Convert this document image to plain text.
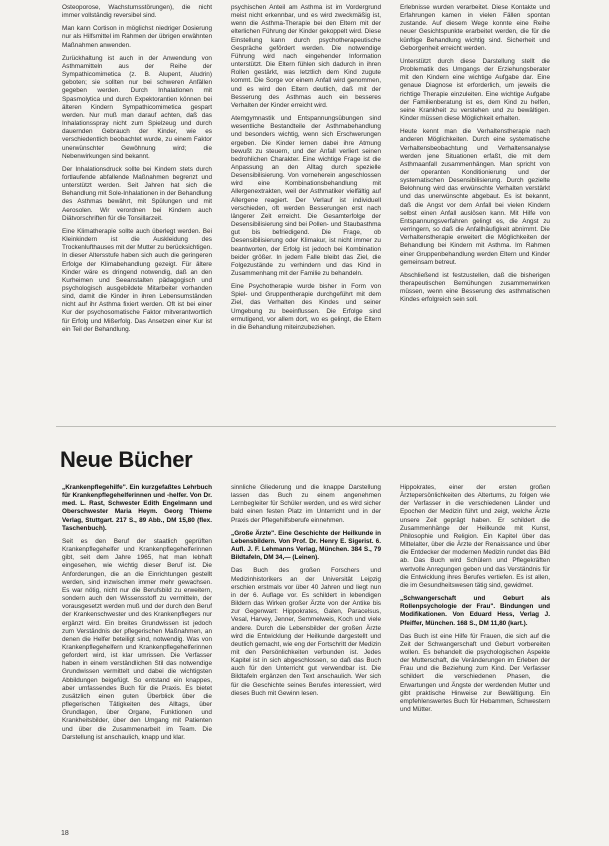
Osteoporose, Wachstumsstörungen), die nicht immer vollständig reversibel sind.

Man kann Cortison in möglichst niedriger Dosierung nur als Hilfsmittel im Rahmen der übrigen erwähnten Maßnahmen anwenden.

Zurückhaltung ist auch in der Anwendung von Asthmamitteln aus der Reihe der Sympathicomimetica (z. B. Alupent, Aludrin) geboten; sie sollten nur bei schweren Anfällen gegeben werden. Durch Inhalationen mit Spasmolytica und durch Expektorantien können bei älteren Kindern Sympathicomimetica gespart werden. Nur muß man darauf achten, daß das Inhalationsspray nicht zum Spielzeug und durch dauernden Gebrauch der Kinder, wie es verschiedentlich beobachtet wurde, zu einem Faktor unerwünschter Gewöhnung wird; die Nebenwirkungen sind bekannt.

Der Inhalationsdruck sollte bei Kindern stets durch fortlaufende abfallende Maßnahmen begrenzt und unterstützt werden. Seit Jahren hat sich die Behandlung mit Sole-Inhalationen in der Behandlung des Asthmas bewährt, mit Spülungen und mit Aerosolen. Wir verordnen bei Kindern auch Diätvorschriften für die Tonsillarzeit.

Eine Klimatherapie sollte auch überlegt werden. Bei Kleinkindern ist die Auskleidung des Trockenlufthauses mit der Mutter zu berücksichtigen. In dieser Altersstufe haben sich auch die geringeren Erfolge der Klimabehandlung gezeigt. Für ältere Kinder wäre es dringend notwendig, daß an den Kurheimen und Seeanstalten pädagogisch und psychologisch ausgebildete Mitarbeiter vorhanden sind, damit die Kinder in ihren Lebensumständen nicht auf ihr Asthma fixiert werden. Oft ist bei einer Kur der psychosomatische Faktor mitverantwortlich für Erfolg und Mißerfolg. Das Ansetzen einer Kur ist ein Teil der Behandlung.

psychischen Anteil am Asthma ist im Vordergrund meist nicht erkennbar, und es wird zweckmäßig ist, wenn die Asthma-Therapie bei den Eltern mit der elterlichen Führung der Kinder gekoppelt wird. Diese Einstellung kann durch psychotherapeutische Gespräche gefördert werden. Die notwendige Führung wird nach eingehender Information unterstützt. Die Eltern fühlen sich dadurch in ihren Rollen gestärkt, was letztlich dem Kind zugute kommt. Die Sorge vor einem Anfall wird genommen, und es wird den Eltern deutlich, daß mit der Besserung des Asthmas auch ein besseres Verhalten der Kinder erreicht wird.

Atemgymnastik und Entspannungsübungen sind wesentliche Bestandteile der Asthmabehandlung und besonders wichtig, wenn sich Erschwerungen ergeben. Die Kinder lernen dabei ihre Atmung bewußt zu steuern, und der Anfall verliert seinen bedrohlichen Charakter. Eine wichtige Frage ist die Anpassung an den Alltag durch spezielle Desensibilisierung. Von vorneherein angeschlossen wird eine Kombinationsbehandlung mit Allergenextrakten, weil der Asthmatiker vielfältig auf Allergene reagiert. Der Verlauf ist individuell verschieden, oft werden Besserungen erst nach längerer Zeit erreicht. Die Gesamterfolge der Desensibilisierung sind bei Pollen- und Staubasthma gut bis befriedigend. Die Frage, ob Desensibilisierung oder Klimakur, ist nicht immer zu beantworten, der Erfolg ist jedoch bei Kombination beider größer. In jedem Falle bleibt das Ziel, die Folgezustände zu verhindern und das Kind in Zusammenhang mit der Familie zu behandeln.

Eine Psychotherapie wurde bisher in Form von Spiel- und Gruppentherapie durchgeführt mit dem Ziel, das Verhalten des Kindes und seiner Umgebung zu beeinflussen. Die Erfolge sind ermutigend, vor allem dort, wo es gelingt, die Eltern in die Behandlung miteinzubeziehen.

Erlebnisse wurden verarbeitet. Diese Kontakte und Erfahrungen kamen in vielen Fällen spontan zustande. Auf diesem Wege konnte eine Reihe neuer Gesichtspunkte erarbeitet werden, die für die künftige Behandlung wichtig sind. Sicherheit und Geborgenheit erreicht werden.

Unterstützt durch diese Darstellung stellt die Problematik des Umgangs der Erziehungsberater mit den Kindern eine wichtige Aufgabe dar. Eine genaue Diagnose ist erforderlich, um jeweils die richtige Therapie einzuleiten. Eine wichtige Aufgabe der Familienberatung ist es, dem Kind zu helfen, seine Krankheit zu verstehen und zu bewältigen. Kinder müssen diese Möglichkeit erhalten.

Heute kennt man die Verhaltenstherapie nach anderen Möglichkeiten. Durch eine systematische Verhaltensbeobachtung und Verhaltensanalyse werden jene Situationen erfaßt, die mit dem Asthmaanfall zusammenhängen. Man spricht von der operanten Konditionierung und der systematischen Desensibilisierung. Durch gezielte Belohnung wird das erwünschte Verhalten verstärkt und das unerwünschte abgebaut. Es ist bekannt, daß die Angst vor dem Anfall bei vielen Kindern selbst einen Anfall auslösen kann. Mit Hilfe von Entspannungsverfahren gelingt es, die Angst zu verringern, so daß die Anfallhäufigkeit abnimmt. Die Verhaltenstherapie erweitert die Möglichkeiten der Behandlung bei Kindern mit Asthma. Im Rahmen einer Gruppenbehandlung werden Eltern und Kinder gemeinsam betreut.

Abschließend ist festzustellen, daß die bisherigen therapeutischen Bemühungen zusammenwirken müssen, wenn eine Besserung des asthmatischen Kindes erfolgreich sein soll.

Neue Bücher

„Krankenpflegehilfe". Ein kurzgefaßtes Lehrbuch für Krankenpflegehelferinnen und -helfer. Von Dr. med. L. Rast, Schwester Edith Engelmann und Oberschwester Maria Heym. Georg Thieme Verlag, Stuttgart. 217 S., 89 Abb., DM 15,80 (flex. Taschenbuch).

Seit es den Beruf der staatlich geprüften Krankenpflegehelfer und Krankenpflegehelferinnen gibt, seit dem Jahre 1965, hat man lebhaft eingesehen, wie wichtig dieser Beruf ist. Die Anforderungen, die an die Einrichtungen gestellt werden, sind inzwischen immer mehr gewachsen. Es war nötig, nicht nur die Berufsbild zu erweitern, sondern auch den Wissensstoff zu vermitteln, der vorausgesetzt werden muß und der durch den Beruf der Krankenschwester und des Krankenpflegers nur ergänzt wird. Ein breites Grundwissen ist jedoch zum Verständnis der pflegerischen Maßnahmen, an denen die Helfer beteiligt sind, notwendig. Was von Krankenpflegehelfern und Krankenpflegehelferinnen gefordert wird, ist klar umrissen. Die Verfasser haben in einem verständlichen Stil das notwendige Grundwissen vermittelt und dabei die wichtigsten Abbildungen beigefügt. So entstand ein knappes, aber umfassendes Buch für die Praxis. Es bietet zusätzlich einen guten Überblick über die pflegerischen Tätigkeiten des Alltags, über Grundlagen, über Organe, Funktionen und Krankheitsbilder, über den Umgang mit Patienten und über die Zusammenarbeit im Team. Die Darstellung ist anschaulich, knapp und klar.

sinnliche Gliederung und die knappe Darstellung lassen das Buch zu einem angenehmen Lernbegleiter für Schüler werden, und es wird sicher bald einen festen Platz im Unterricht und in der Praxis der Pflegehilfsberufe einnehmen.

„Große Ärzte". Eine Geschichte der Heilkunde in Lebensbildern. Von Prof. Dr. Henry E. Sigerist. 6. Aufl. J. F. Lehmanns Verlag, München. 384 S., 79 Bildtafeln, DM 34,— (Leinen).

Das Buch des großen Forschers und Medizinhistorikers an der Universität Leipzig erschien erstmals vor über 40 Jahren und liegt nun in der 6. Auflage vor. Es schildert in lebendigen Bildern das Wirken großer Ärzte von der Antike bis zur Gegenwart: Hippokrates, Galen, Paracelsus, Vesal, Harvey, Jenner, Semmelweis, Koch und viele andere. Durch die Lebensbilder der großen Ärzte wird die Entwicklung der Heilkunde dargestellt und deutlich gemacht, wie eng der Fortschritt der Medizin mit den Persönlichkeiten verbunden ist. Jedes Kapitel ist in sich abgeschlossen, so daß das Buch auch für den Unterricht gut verwendbar ist. Die Bildtafeln ergänzen den Text anschaulich. Wer sich für die Geschichte seines Berufes interessiert, wird dieses Buch mit Gewinn lesen.

Hippokrates, einer der ersten großen Ärztepersönlichkeiten des Altertums, zu folgen wie der Verfasser in die verschiedenen Länder und Epochen der Medizin führt und zeigt, welche Ärzte unsere Zeit geprägt haben. Er schildert die Zusammenhänge der Heilkunde mit Kunst, Philosophie und Religion. Ein Kapitel über das Mittelalter, über die Ärzte der Renaissance und über die Entdecker der modernen Medizin rundet das Bild ab. Das Buch wird Schülern und Pflegekräften wertvolle Anregungen geben und das Verständnis für die Entwicklung ihres Berufes vertiefen. Es ist allen, die im Gesundheitswesen tätig sind, gewidmet.

„Schwangerschaft und Geburt als Rollenpsychologie der Frau". Bindungen und Modifikationen. Von Eduard Hess, Verlag J. Pfeiffer, München. 168 S., DM 11,80 (kart.).

Das Buch ist eine Hilfe für Frauen, die sich auf die Zeit der Schwangerschaft und Geburt vorbereiten wollen. Es behandelt die psychologischen Aspekte der Mutterschaft, die Veränderungen im Erleben der Frau und die Beziehung zum Kind. Der Verfasser schildert die verschiedenen Phasen, die Erwartungen und Ängste der werdenden Mutter und gibt praktische Hinweise zur Bewältigung. Ein empfehlenswertes Buch für Hebammen, Schwestern und Mütter.

18
